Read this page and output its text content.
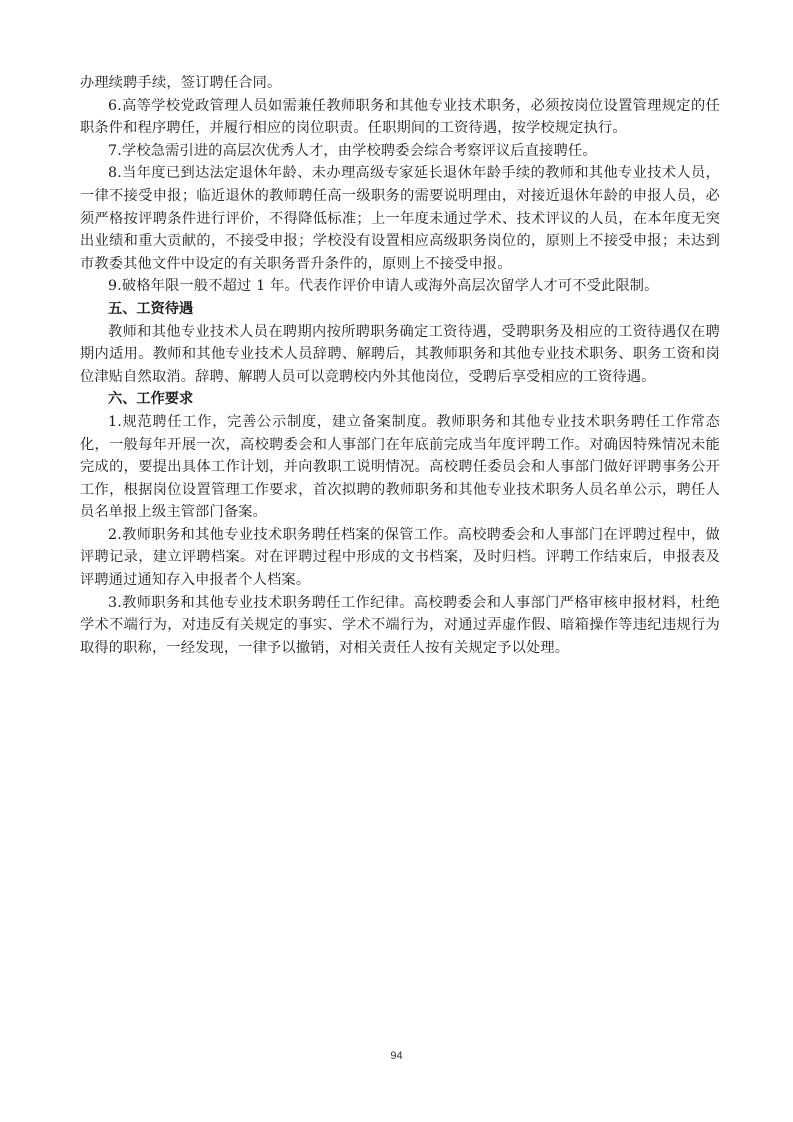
办理续聘手续，签订聘任合同。

6.高等学校党政管理人员如需兼任教师职务和其他专业技术职务，必须按岗位设置管理规定的任职条件和程序聘任，并履行相应的岗位职责。任职期间的工资待遇，按学校规定执行。

7.学校急需引进的高层次优秀人才，由学校聘委会综合考察评议后直接聘任。

8.当年度已到达法定退休年龄、未办理高级专家延长退休年龄手续的教师和其他专业技术人员，一律不接受申报；临近退休的教师聘任高一级职务的需要说明理由，对接近退休年龄的申报人员，必须严格按评聘条件进行评价，不得降低标准；上一年度未通过学术、技术评议的人员，在本年度无突出业绩和重大贡献的，不接受申报；学校没有设置相应高级职务岗位的，原则上不接受申报；未达到市教委其他文件中设定的有关职务晋升条件的，原则上不接受申报。

9.破格年限一般不超过 1 年。代表作评价申请人或海外高层次留学人才可不受此限制。

五、工资待遇

教师和其他专业技术人员在聘期内按所聘职务确定工资待遇，受聘职务及相应的工资待遇仅在聘期内适用。教师和其他专业技术人员辞聘、解聘后，其教师职务和其他专业技术职务、职务工资和岗位津贴自然取消。辞聘、解聘人员可以竞聘校内外其他岗位，受聘后享受相应的工资待遇。

六、工作要求

1.规范聘任工作，完善公示制度，建立备案制度。教师职务和其他专业技术职务聘任工作常态化，一般每年开展一次，高校聘委会和人事部门在年底前完成当年度评聘工作。对确因特殊情况未能完成的，要提出具体工作计划，并向教职工说明情况。高校聘任委员会和人事部门做好评聘事务公开工作，根据岗位设置管理工作要求，首次拟聘的教师职务和其他专业技术职务人员名单公示，聘任人员名单报上级主管部门备案。

2.教师职务和其他专业技术职务聘任档案的保管工作。高校聘委会和人事部门在评聘过程中，做评聘记录，建立评聘档案。对在评聘过程中形成的文书档案，及时归档。评聘工作结束后，申报表及评聘通过通知存入申报者个人档案。

3.教师职务和其他专业技术职务聘任工作纪律。高校聘委会和人事部门严格审核申报材料，杜绝学术不端行为，对违反有关规定的事实、学术不端行为，对通过弄虚作假、暗箱操作等违纪违规行为取得的职称，一经发现，一律予以撤销，对相关责任人按有关规定予以处理。

94
